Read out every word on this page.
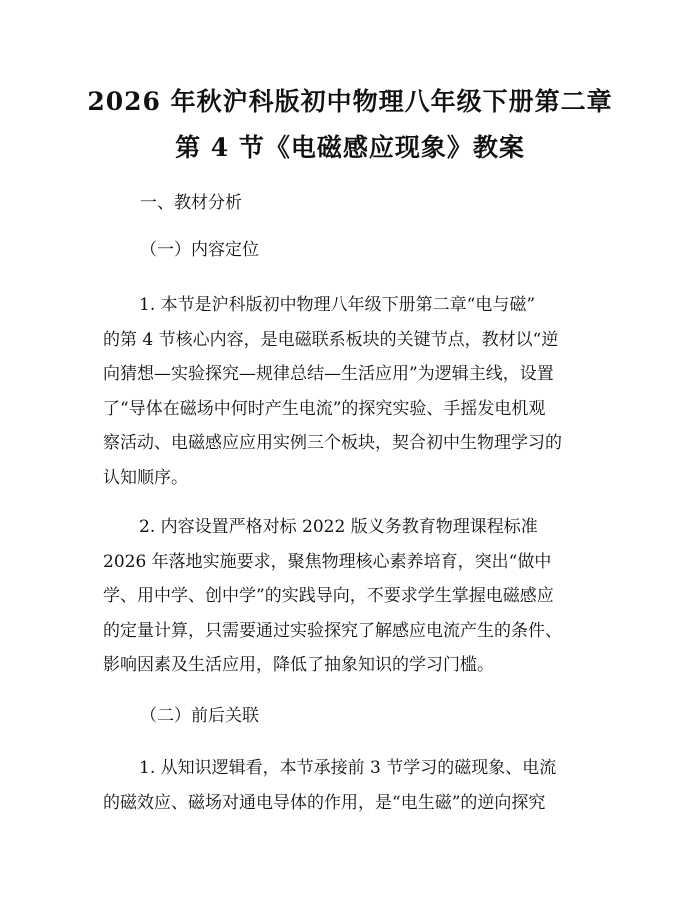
2026 年秋沪科版初中物理八年级下册第二章
第 4 节《电磁感应现象》教案
一、教材分析
（一）内容定位
1. 本节是沪科版初中物理八年级下册第二章“电与磁”
的第 4 节核心内容，是电磁联系板块的关键节点，教材以“逆
向猜想—实验探究—规律总结—生活应用”为逻辑主线，设置
了“导体在磁场中何时产生电流”的探究实验、手摇发电机观
察活动、电磁感应应用实例三个板块，契合初中生物理学习的
认知顺序。
2. 内容设置严格对标 2022 版义务教育物理课程标准
2026 年落地实施要求，聚焦物理核心素养培育，突出“做中
学、用中学、创中学”的实践导向，不要求学生掌握电磁感应
的定量计算，只需要通过实验探究了解感应电流产生的条件、
影响因素及生活应用，降低了抽象知识的学习门槛。
（二）前后关联
1. 从知识逻辑看，本节承接前 3 节学习的磁现象、电流
的磁效应、磁场对通电导体的作用，是“电生磁”的逆向探究
